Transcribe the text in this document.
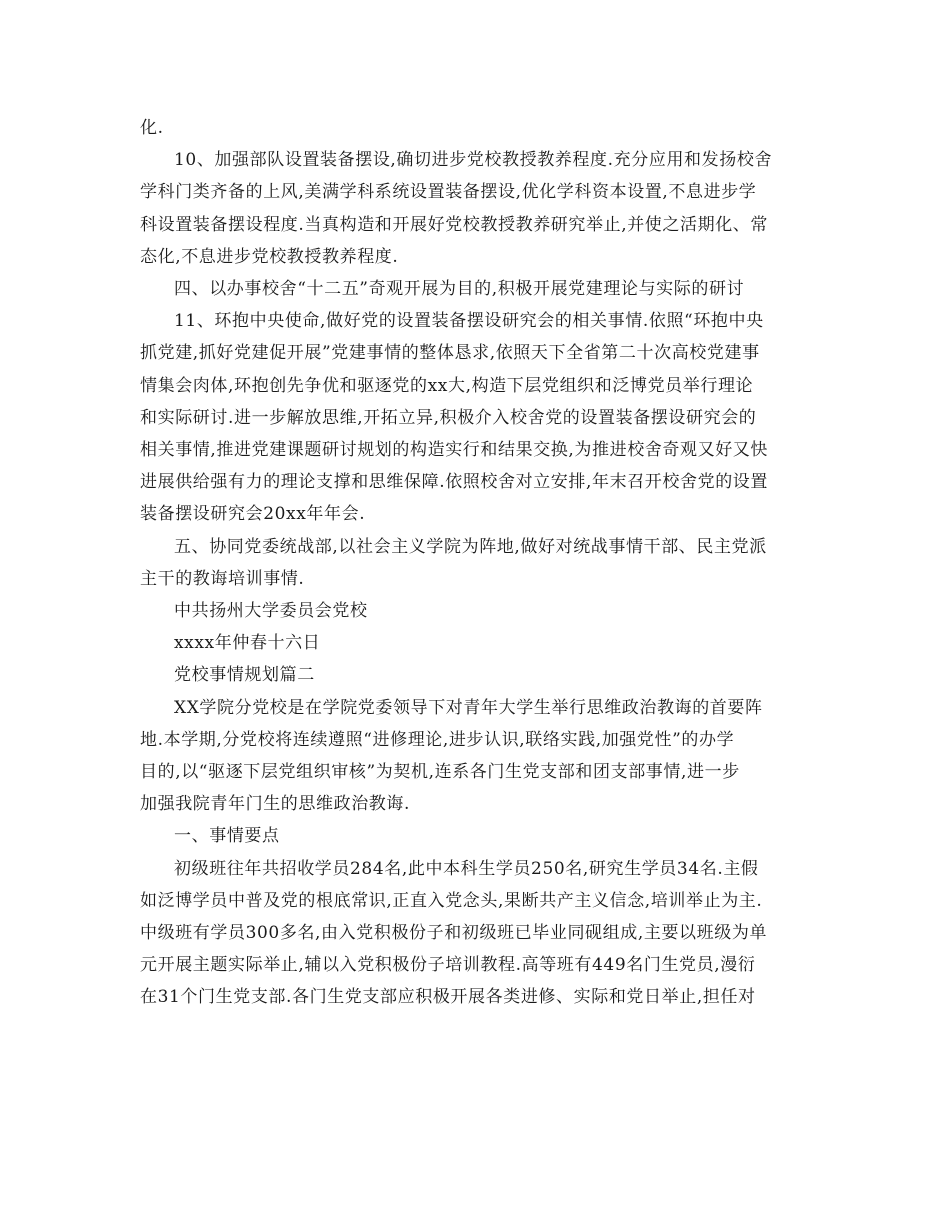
化.
10、加强部队设置装备摆设,确切进步党校教授教养程度.充分应用和发扬校舍
学科门类齐备的上风,美满学科系统设置装备摆设,优化学科资本设置,不息进步学
科设置装备摆设程度.当真构造和开展好党校教授教养研究举止,并使之活期化、常
态化,不息进步党校教授教养程度.
四、以办事校舍“十二五”奇观开展为目的,积极开展党建理论与实际的研讨
11、环抱中央使命,做好党的设置装备摆设研究会的相关事情.依照“环抱中央
抓党建,抓好党建促开展”党建事情的整体恳求,依照天下全省第二十次高校党建事
情集会肉体,环抱创先争优和驱逐党的xx大,构造下层党组织和泛博党员举行理论
和实际研讨.进一步解放思维,开拓立异,积极介入校舍党的设置装备摆设研究会的
相关事情,推进党建课题研讨规划的构造实行和结果交换,为推进校舍奇观又好又快
进展供给强有力的理论支撑和思维保障.依照校舍对立安排,年末召开校舍党的设置
装备摆设研究会20xx年年会.
五、协同党委统战部,以社会主义学院为阵地,做好对统战事情干部、民主党派
主干的教诲培训事情.
中共扬州大学委员会党校
xxxx年仲春十六日
党校事情规划篇二
XX学院分党校是在学院党委领导下对青年大学生举行思维政治教诲的首要阵
地.本学期,分党校将连续遵照“进修理论,进步认识,联络实践,加强党性”的办学
目的,以“驱逐下层党组织审核”为契机,连系各门生党支部和团支部事情,进一步
加强我院青年门生的思维政治教诲.
一、事情要点
初级班往年共招收学员284名,此中本科生学员250名,研究生学员34名.主假
如泛博学员中普及党的根底常识,正直入党念头,果断共产主义信念,培训举止为主.
中级班有学员300多名,由入党积极份子和初级班已毕业同砚组成,主要以班级为单
元开展主题实际举止,辅以入党积极份子培训教程.高等班有449名门生党员,漫衍
在31个门生党支部.各门生党支部应积极开展各类进修、实际和党日举止,担任对
